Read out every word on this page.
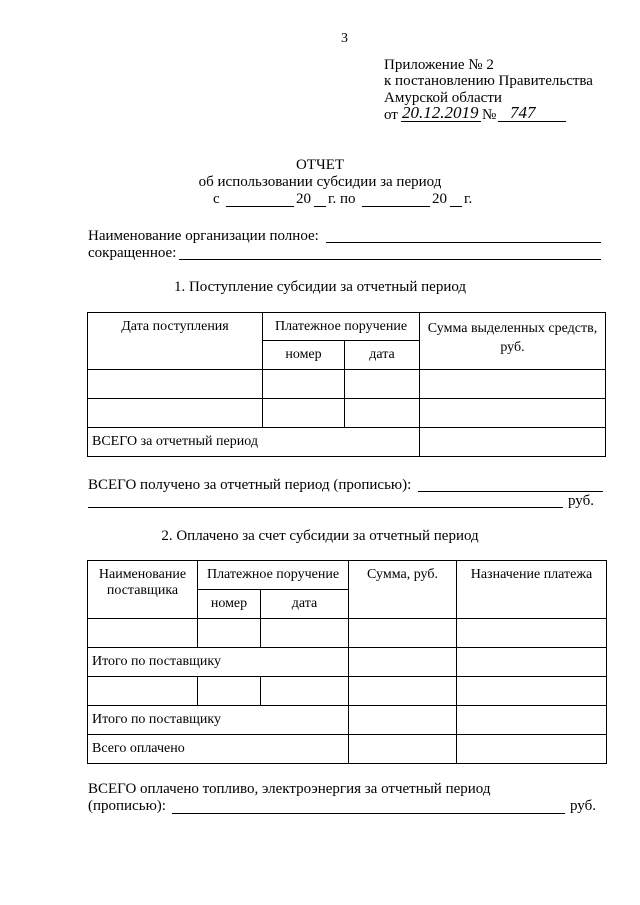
3
Приложение № 2
к постановлению Правительства
Амурской области
от 20.12.2019 № 747
ОТЧЕТ
об использовании субсидии за период
с	20 г. по	20 г.
Наименование организации полное:
сокращенное:
1. Поступление субсидии за отчетный период
Дата поступления	Платежное поручение		Сумма выделенных средств, руб.
	номер	дата	

ВСЕГО за отчетный период			
ВСЕГО получено за отчетный период (прописью):
руб.
2. Оплачено за счет субсидии за отчетный период
Наименование поставщика	Платежное поручение		Сумма, руб.	Назначение платежа
	номер	дата		

Итого по поставщику				

Итого по поставщику				
Всего оплачено				
ВСЕГО оплачено топливо, электроэнергия за отчетный период
(прописью):	руб.
